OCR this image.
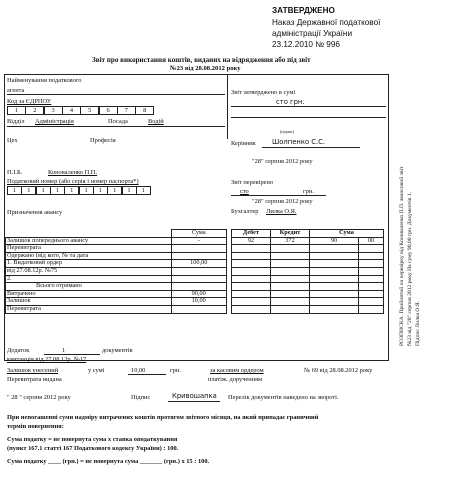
ЗАТВЕРДЖЕНО
Наказ Державної податкової
адміністрації України
23.12.2010 № 996
Звіт про використання коштів, виданих на відрядження або під звіт
№23 від 28.08.2012 року
Найменування податкового
агента
Код за ЄДРПОУ
1	2	3	4	5	6	7	8
Відділ Адміністрація	Посада	Водій
Цех	Професія
Звіт затверджено в сумі
сто грн.
(підпис)
Керівник Шолпенко С.С.
"28" серпня 2012 року
П.І.Б.	Коноваленко П.П.
Податковий номер (або серія і номер паспорта*)
1	1	1	1	1	1	1	1	1	1
Призначення авансу
Звіт перевірено
сто	грн.
"28" серпня 2012 року
Бухгалтер Лилка О.Я.
	Сума
Залишок попереднього авансу	-
Перевитрата	
Одержано (від кого, № та дата	
1. Видатковий ордер	100,00
від 27.08.12р. №75	
2.	
Всього отримано	
Витрачено	90,00
Залишок	10,00
Перевитрата	
Дебет	Кредит	Сума	
92	372	90	00

Додаток	1	документів
квитанція від 27.08.12р. №17
Залишок унесений	у сумі	10,00	грн.	за касовим ордером	№ 69 від 28.08.2012 року
Перевитрата видана	платіж. дорученням
" 28 " серпня 2012 року	Підпис	Кривошапка Перелік документів наведено на звороті.
При непогашенні суми надміру витрачених коштів протягом звітного місяця, на який припадає граничний
термін повернення:
Сума податку = не повернута сума х ставка оподаткування
(пункт 167.1 статті 167 Податкового кодексу України) : 100.
Сума податку ____ (грн.) = не повернута сума _______ (грн.) х 15 : 100.
РОЗПИСКА. Прийнятий на перевірку від Коноваленко П.П. авансовий звіт №23 від "28" серпня 2012 року На суму 90,00 грн. Документів 1. Підпис Лилка О.Я.
